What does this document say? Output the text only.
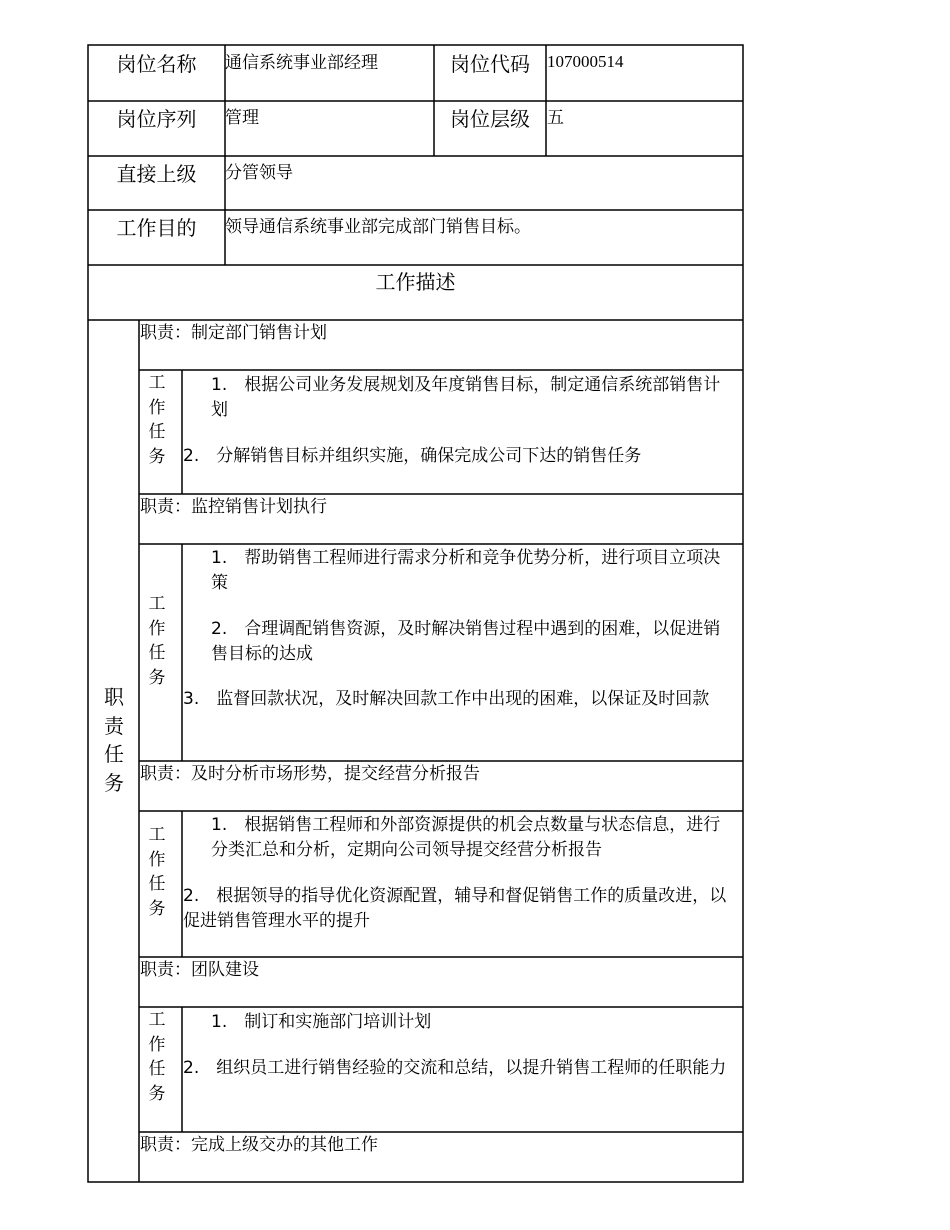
岗位名称	通信系统事业部经理	岗位代码	107000514
岗位序列	管理	岗位层级	五
直接上级	分管领导
工作目的	领导通信系统事业部完成部门销售目标。
工作描述
职责任务
职责：制定部门销售计划
工作任务
1.　根据公司业务发展规划及年度销售目标，制定通信系统部销售计划
2.　分解销售目标并组织实施，确保完成公司下达的销售任务
职责：监控销售计划执行
工作任务
1.　帮助销售工程师进行需求分析和竞争优势分析，进行项目立项决策
2.　合理调配销售资源，及时解决销售过程中遇到的困难，以促进销售目标的达成
3.　监督回款状况，及时解决回款工作中出现的困难，以保证及时回款
职责：及时分析市场形势，提交经营分析报告
工作任务
1.　根据销售工程师和外部资源提供的机会点数量与状态信息，进行分类汇总和分析，定期向公司领导提交经营分析报告
2.　根据领导的指导优化资源配置，辅导和督促销售工作的质量改进，以促进销售管理水平的提升
职责：团队建设
工作任务
1.　制订和实施部门培训计划
2.　组织员工进行销售经验的交流和总结，以提升销售工程师的任职能力
职责：完成上级交办的其他工作
